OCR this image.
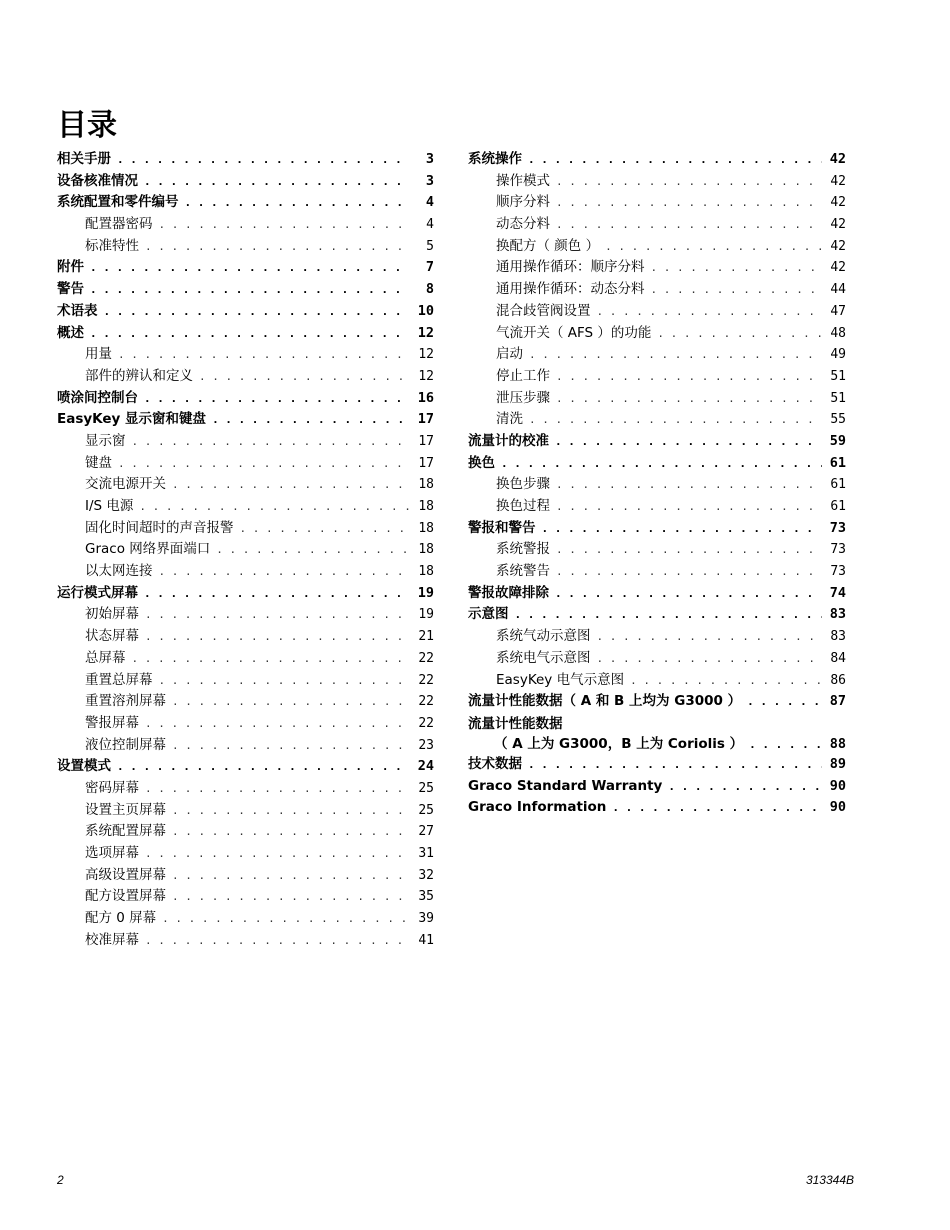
目录
相关手册 . . .	3
设备核准情况 . . .	3
系统配置和零件编号 . . .	4
配置器密码 . . .	4
标准特性 . . .	5
附件 . . .	7
警告 . . .	8
术语表 . . .	10
概述 . . .	12
用量 . . .	12
部件的辨认和定义 . . .	12
喷涂间控制台 . . .	16
EasyKey 显示窗和键盘 . . .	17
显示窗 . . .	17
键盘 . . .	17
交流电源开关 . . .	18
I/S 电源 . . .	18
固化时间超时的声音报警 . . .	18
Graco 网络界面端口 . . .	18
以太网连接 . . .	18
运行模式屏幕 . . .	19
初始屏幕 . . .	19
状态屏幕 . . .	21
总屏幕 . . .	22
重置总屏幕 . . .	22
重置溶剂屏幕 . . .	22
警报屏幕 . . .	22
液位控制屏幕 . . .	23
设置模式 . . .	24
密码屏幕 . . .	25
设置主页屏幕 . . .	25
系统配置屏幕 . . .	27
选项屏幕 . . .	31
高级设置屏幕 . . .	32
配方设置屏幕 . . .	35
配方 0 屏幕 . . .	39
校准屏幕 . . .	41
系统操作 . . .	42
操作模式 . . .	42
顺序分料 . . .	42
动态分料 . . .	42
换配方（ 颜色 ） . . .	42
通用操作循环：顺序分料 . . .	42
通用操作循环：动态分料 . . .	44
混合歧管阀设置 . . .	47
气流开关（ AFS ）的功能 . . .	48
启动 . . .	49
停止工作 . . .	51
泄压步骤 . . .	51
清洗 . . .	55
流量计的校准 . . .	59
换色 . . .	61
换色步骤 . . .	61
换色过程 . . .	61
警报和警告 . . .	73
系统警报 . . .	73
系统警告 . . .	73
警报故障排除 . . .	74
示意图 . . .	83
系统气动示意图 . . .	83
系统电气示意图 . . .	84
EasyKey 电气示意图 . . .	86
流量计性能数据（ A 和 B 上均为 G3000 ） . . .	87
流量计性能数据
（ A 上为 G3000，B 上为 Coriolis ） . . .	88
技术数据 . . .	89
Graco Standard Warranty . . .	90
Graco Information . . .	90
2	313344B
